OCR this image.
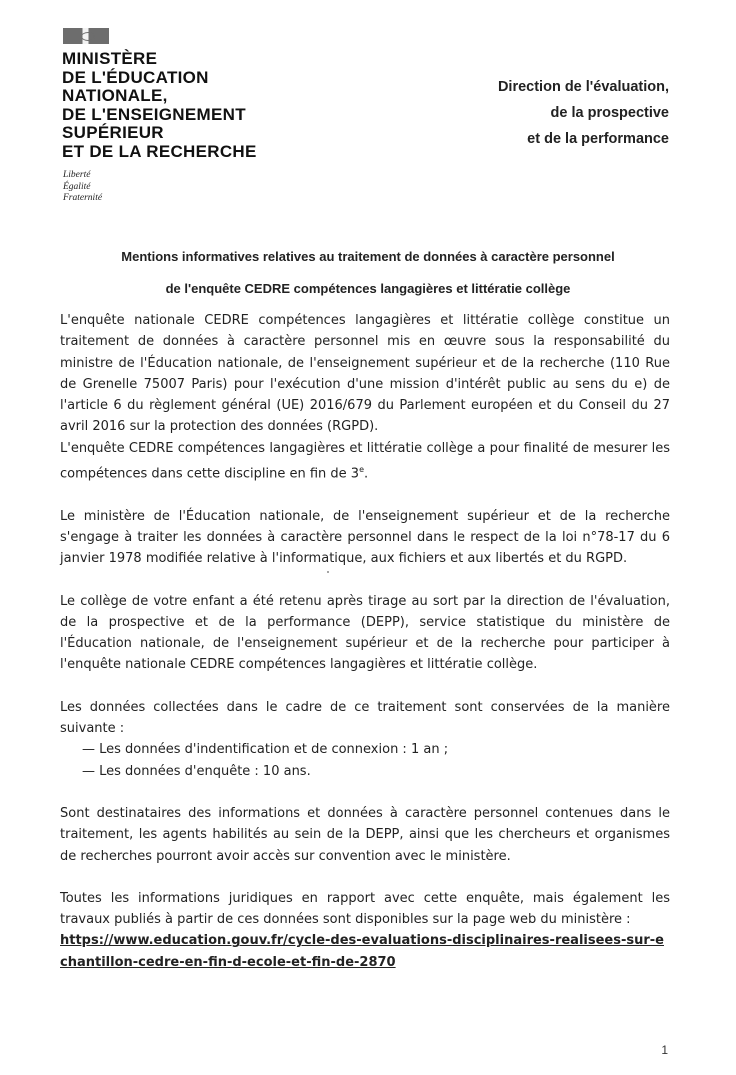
MINISTÈRE
DE L'ÉDUCATION
NATIONALE,
DE L'ENSEIGNEMENT
SUPÉRIEUR
ET DE LA RECHERCHE
Liberté
Égalité
Fraternité
Direction de l'évaluation,
de la prospective
et de la performance
Mentions informatives relatives au traitement de données à caractère personnel
de l'enquête CEDRE compétences langagières et littératie collège

L'enquête nationale CEDRE compétences langagières et littératie collège constitue un traitement de données à caractère personnel mis en œuvre sous la responsabilité du ministre de l'Éducation nationale, de l'enseignement supérieur et de la recherche (110 Rue de Grenelle 75007 Paris) pour l'exécution d'une mission d'intérêt public au sens du e) de l'article 6 du règlement général (UE) 2016/679 du Parlement européen et du Conseil du 27 avril 2016 sur la protection des données (RGPD).

L'enquête CEDRE compétences langagières et littératie collège a pour finalité de mesurer les compétences dans cette discipline en fin de 3e.

Le ministère de l'Éducation nationale, de l'enseignement supérieur et de la recherche s'engage à traiter les données à caractère personnel dans le respect de la loi n°78-17 du 6 janvier 1978 modifiée relative à l'informatique, aux fichiers et aux libertés et du RGPD.

Le collège de votre enfant a été retenu après tirage au sort par la direction de l'évaluation, de la prospective et de la performance (DEPP), service statistique du ministère de l'Éducation nationale, de l'enseignement supérieur et de la recherche pour participer à l'enquête nationale CEDRE compétences langagières et littératie collège.

Les données collectées dans le cadre de ce traitement sont conservées de la manière suivante :

— Les données d'indentification et de connexion : 1 an ;
— Les données d'enquête : 10 ans.

Sont destinataires des informations et données à caractère personnel contenues dans le traitement, les agents habilités au sein de la DEPP, ainsi que les chercheurs et organismes de recherches pourront avoir accès sur convention avec le ministère.

Toutes les informations juridiques en rapport avec cette enquête, mais également les travaux publiés à partir de ces données sont disponibles sur la page web du ministère :

https://www.education.gouv.fr/cycle-des-evaluations-disciplinaires-realisees-sur-echantillon-cedre-en-fin-d-ecole-et-fin-de-2870

1
